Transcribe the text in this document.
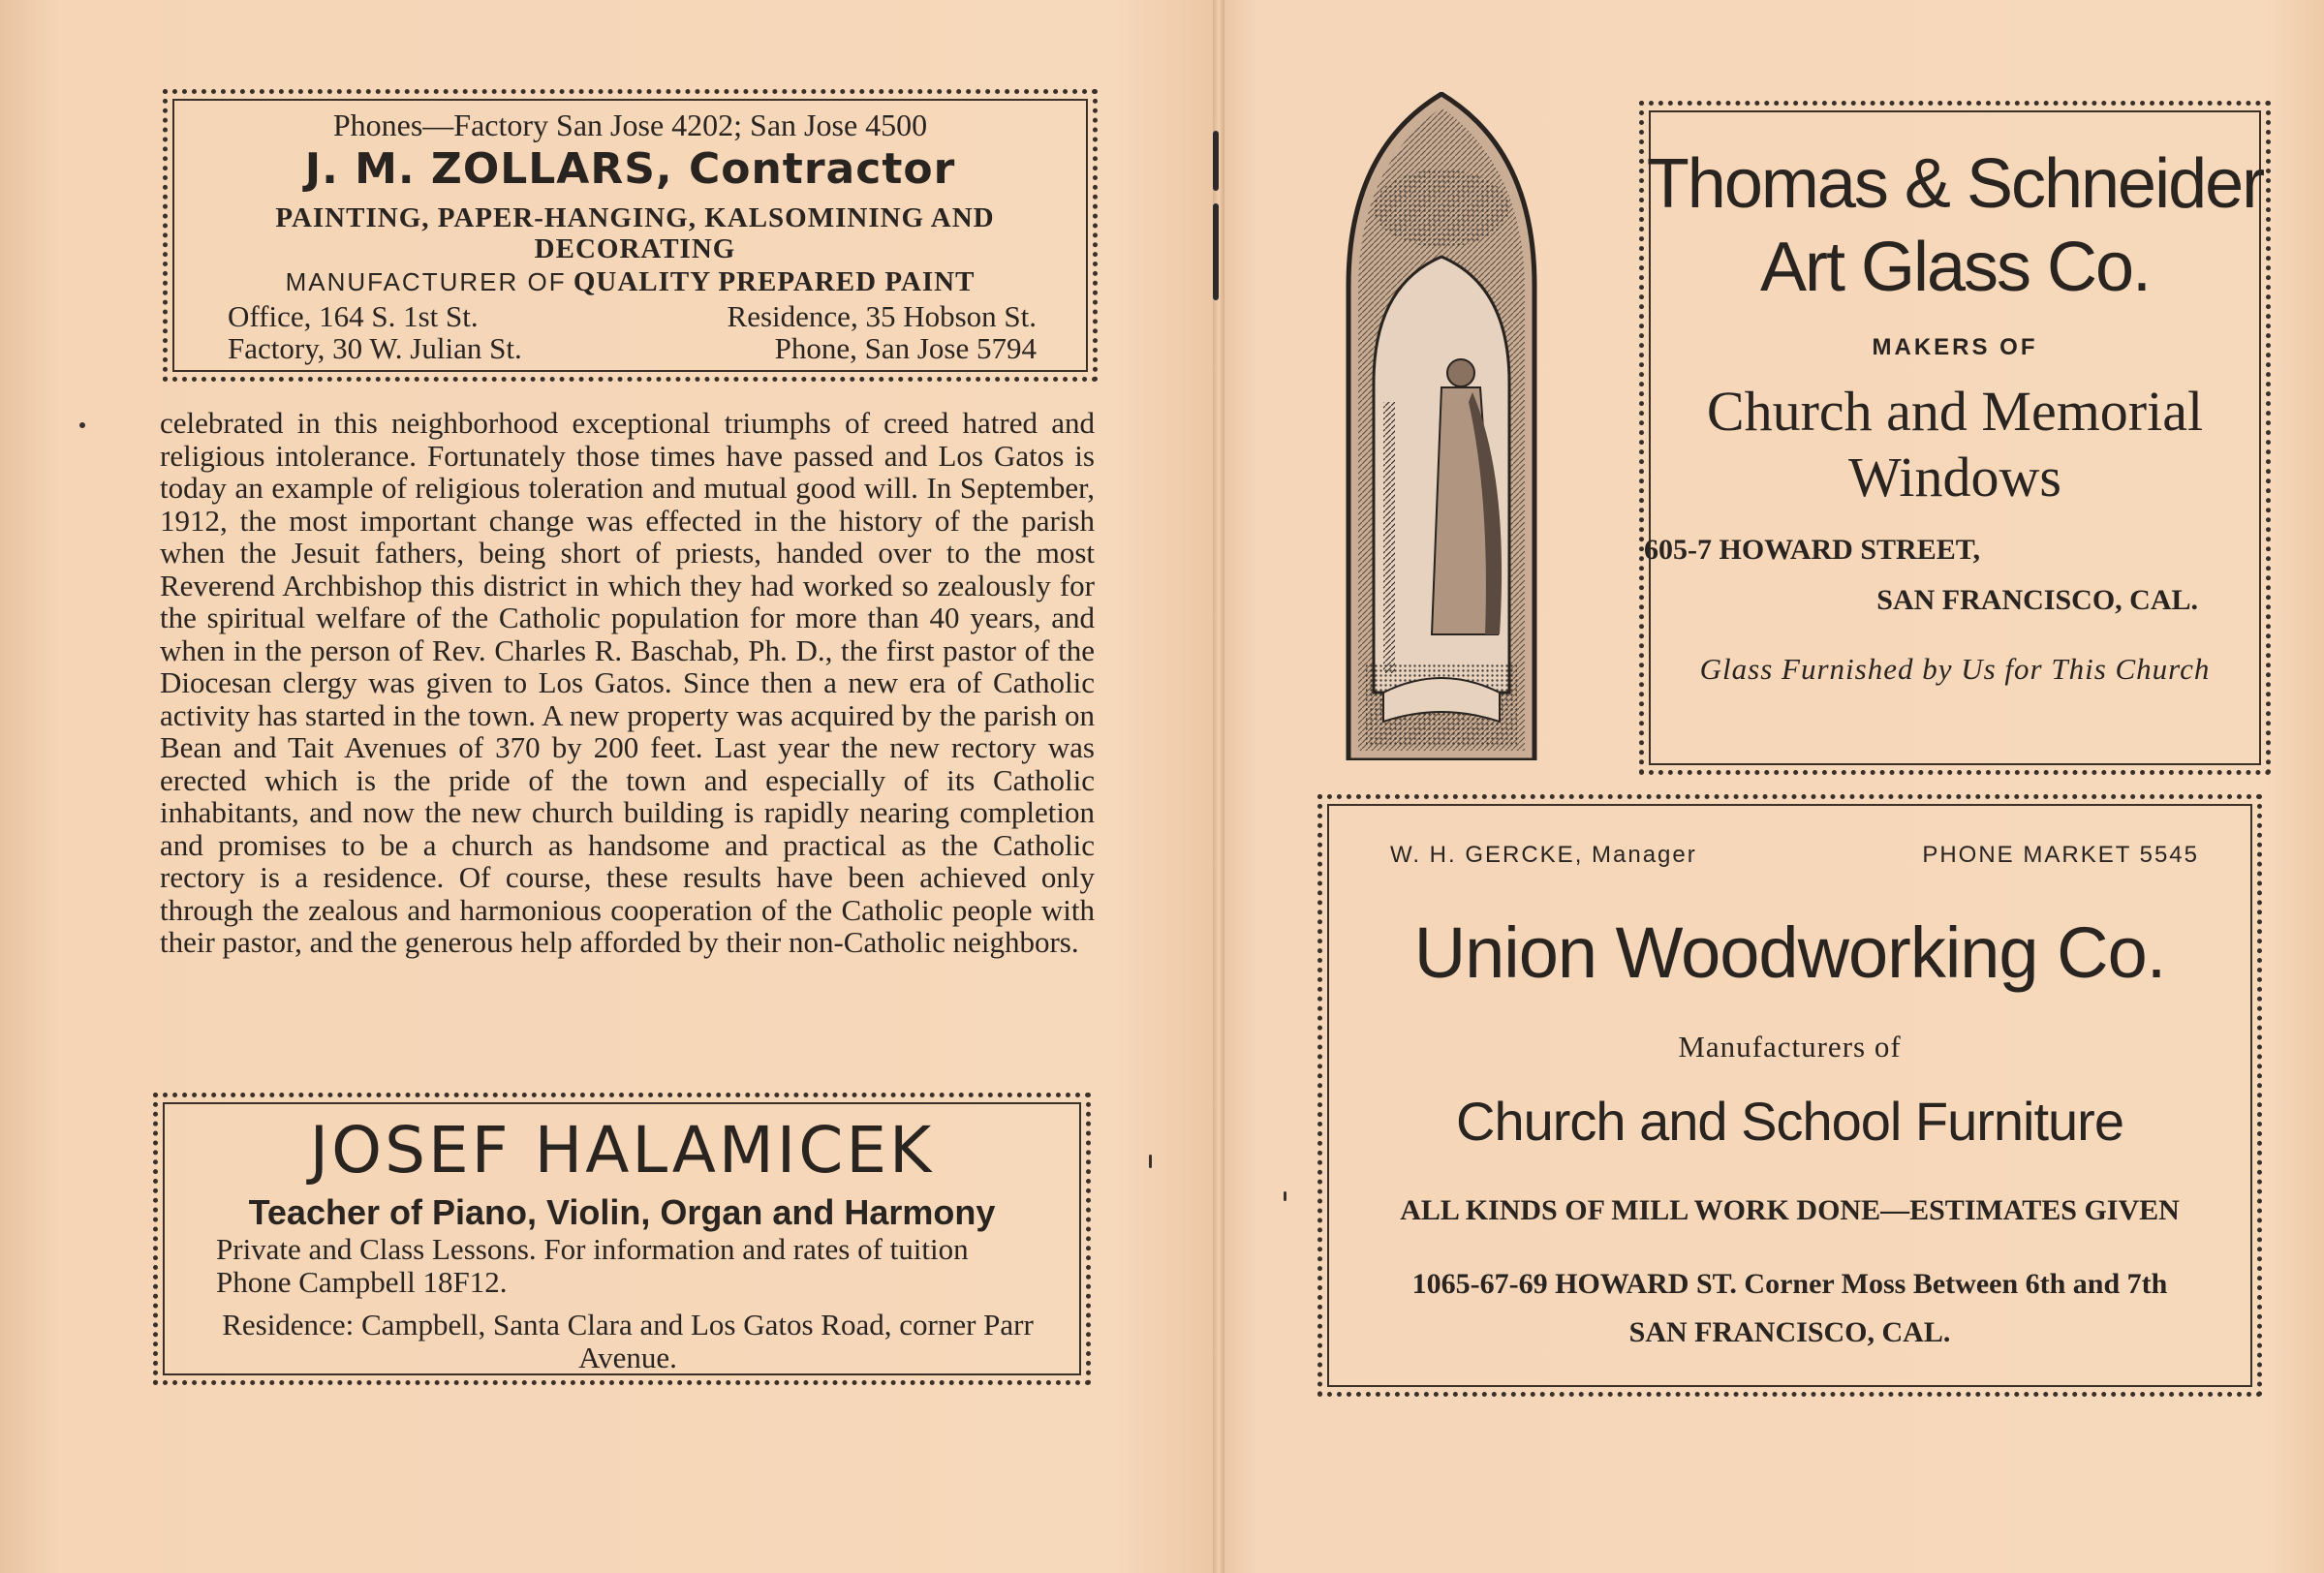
Phones—Factory San Jose 4202; San Jose 4500
J. M. ZOLLARS, Contractor
PAINTING, PAPER-HANGING, KALSOMINING AND DECORATING
MANUFACTURER OF QUALITY PREPARED PAINT
Office, 164 S. 1st St.	Residence, 35 Hobson St.
Factory, 30 W. Julian St.	Phone, San Jose 5794
celebrated in this neighborhood exceptional triumphs of creed hatred and religious intolerance. Fortunately those times have passed and Los Gatos is today an example of religious toleration and mutual good will. In September, 1912, the most important change was effected in the history of the parish when the Jesuit fathers, being short of priests, handed over to the most Reverend Archbishop this district in which they had worked so zealously for the spiritual welfare of the Catholic population for more than 40 years, and when in the person of Rev. Charles R. Baschab, Ph. D., the first pastor of the Diocesan clergy was given to Los Gatos. Since then a new era of Catholic activity has started in the town. A new property was acquired by the parish on Bean and Tait Avenues of 370 by 200 feet. Last year the new rectory was erected which is the pride of the town and especially of its Catholic inhabitants, and now the new church building is rapidly nearing completion and promises to be a church as handsome and practical as the Catholic rectory is a residence. Of course, these results have been achieved only through the zealous and harmonious cooperation of the Catholic people with their pastor, and the generous help afforded by their non-Catholic neighbors.
JOSEF HALAMICEK
Teacher of Piano, Violin, Organ and Harmony
Private and Class Lessons. For information and rates of tuition Phone Campbell 18F12.
Residence: Campbell, Santa Clara and Los Gatos Road, corner Parr Avenue.
Thomas & Schneider
Art Glass Co.
MAKERS OF
Church and Memorial Windows
605-7 HOWARD STREET,
SAN FRANCISCO, CAL.
Glass Furnished by Us for This Church
W. H. GERCKE, Manager	PHONE MARKET 5545
Union Woodworking Co.
Manufacturers of
Church and School Furniture
ALL KINDS OF MILL WORK DONE—ESTIMATES GIVEN
1065-67-69 HOWARD ST. Corner Moss Between 6th and 7th
SAN FRANCISCO, CAL.
